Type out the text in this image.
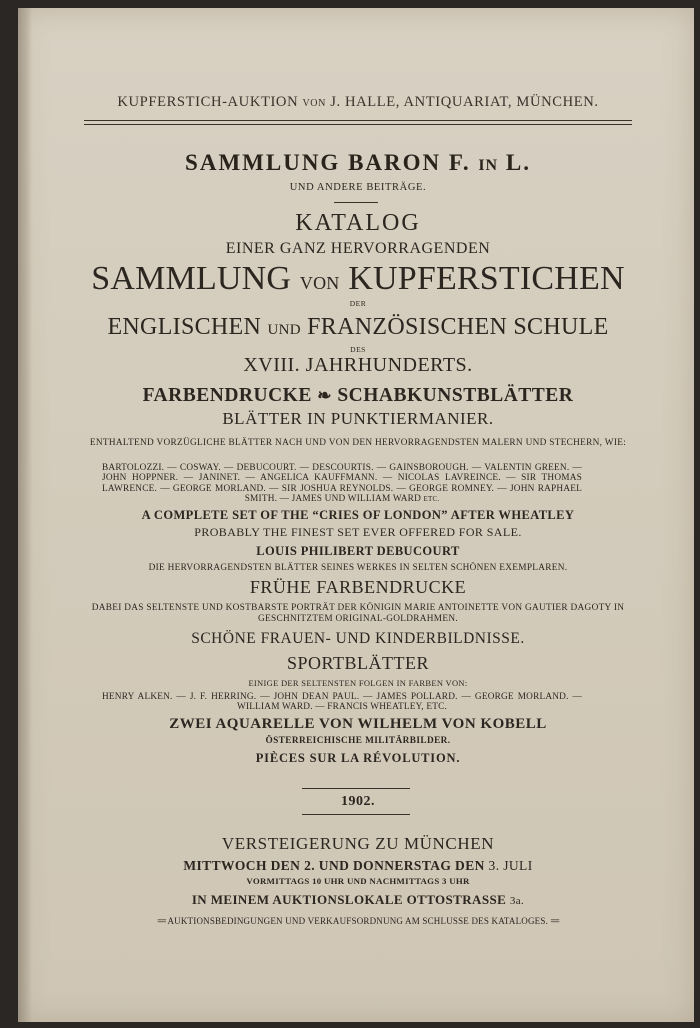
KUPFERSTICH-AUKTION VON J. HALLE, ANTIQUARIAT, MÜNCHEN.
SAMMLUNG BARON F. IN L.
UND ANDERE BEITRÄGE.
KATALOG
EINER GANZ HERVORRAGENDEN
SAMMLUNG VON KUPFERSTICHEN
DER
ENGLISCHEN UND FRANZÖSISCHEN SCHULE
DES
XVIII. JAHRHUNDERTS.
FARBENDRUCKE ❧ SCHABKUNSTBLÄTTER
BLÄTTER IN PUNKTIERMANIER.
ENTHALTEND VORZÜGLICHE BLÄTTER NACH UND VON DEN HERVORRAGENDSTEN MALERN UND STECHERN, WIE:
BARTOLOZZI. — COSWAY. — DEBUCOURT. — DESCOURTIS. — GAINSBOROUGH. — VALENTIN GREEN. — JOHN HOPPNER. — JANINET. — ANGELICA KAUFFMANN. — NICOLAS LAVREINCE. — SIR THOMAS LAWRENCE. — GEORGE MORLAND. — SIR JOSHUA REYNOLDS. — GEORGE ROMNEY. — JOHN RAPHAEL SMITH. — JAMES UND WILLIAM WARD ETC.
A COMPLETE SET OF THE “CRIES OF LONDON” AFTER WHEATLEY
PROBABLY THE FINEST SET EVER OFFERED FOR SALE.
LOUIS PHILIBERT DEBUCOURT
DIE HERVORRAGENDSTEN BLÄTTER SEINES WERKES IN SELTEN SCHÖNEN EXEMPLAREN.
FRÜHE FARBENDRUCKE
DABEI DAS SELTENSTE UND KOSTBARSTE PORTRÄT DER KÖNIGIN MARIE ANTOINETTE VON GAUTIER DAGOTY IN GESCHNITZTEM ORIGINAL-GOLDRAHMEN.
SCHÖNE FRAUEN- UND KINDERBILDNISSE.
SPORTBLÄTTER
EINIGE DER SELTENSTEN FOLGEN IN FARBEN VON:
HENRY ALKEN. — J. F. HERRING. — JOHN DEAN PAUL. — JAMES POLLARD. — GEORGE MORLAND. — WILLIAM WARD. — FRANCIS WHEATLEY, ETC.
ZWEI AQUARELLE VON WILHELM VON KOBELL
ÖSTERREICHISCHE MILITÄRBILDER.
PIÈCES SUR LA RÉVOLUTION.
1902.
VERSTEIGERUNG ZU MÜNCHEN
MITTWOCH DEN 2. UND DONNERSTAG DEN 3. JULI
VORMITTAGS 10 UHR UND NACHMITTAGS 3 UHR
IN MEINEM AUKTIONSLOKALE OTTOSTRASSE 3a.
== AUKTIONSBEDINGUNGEN UND VERKAUFSORDNUNG AM SCHLUSSE DES KATALOGES. ==
